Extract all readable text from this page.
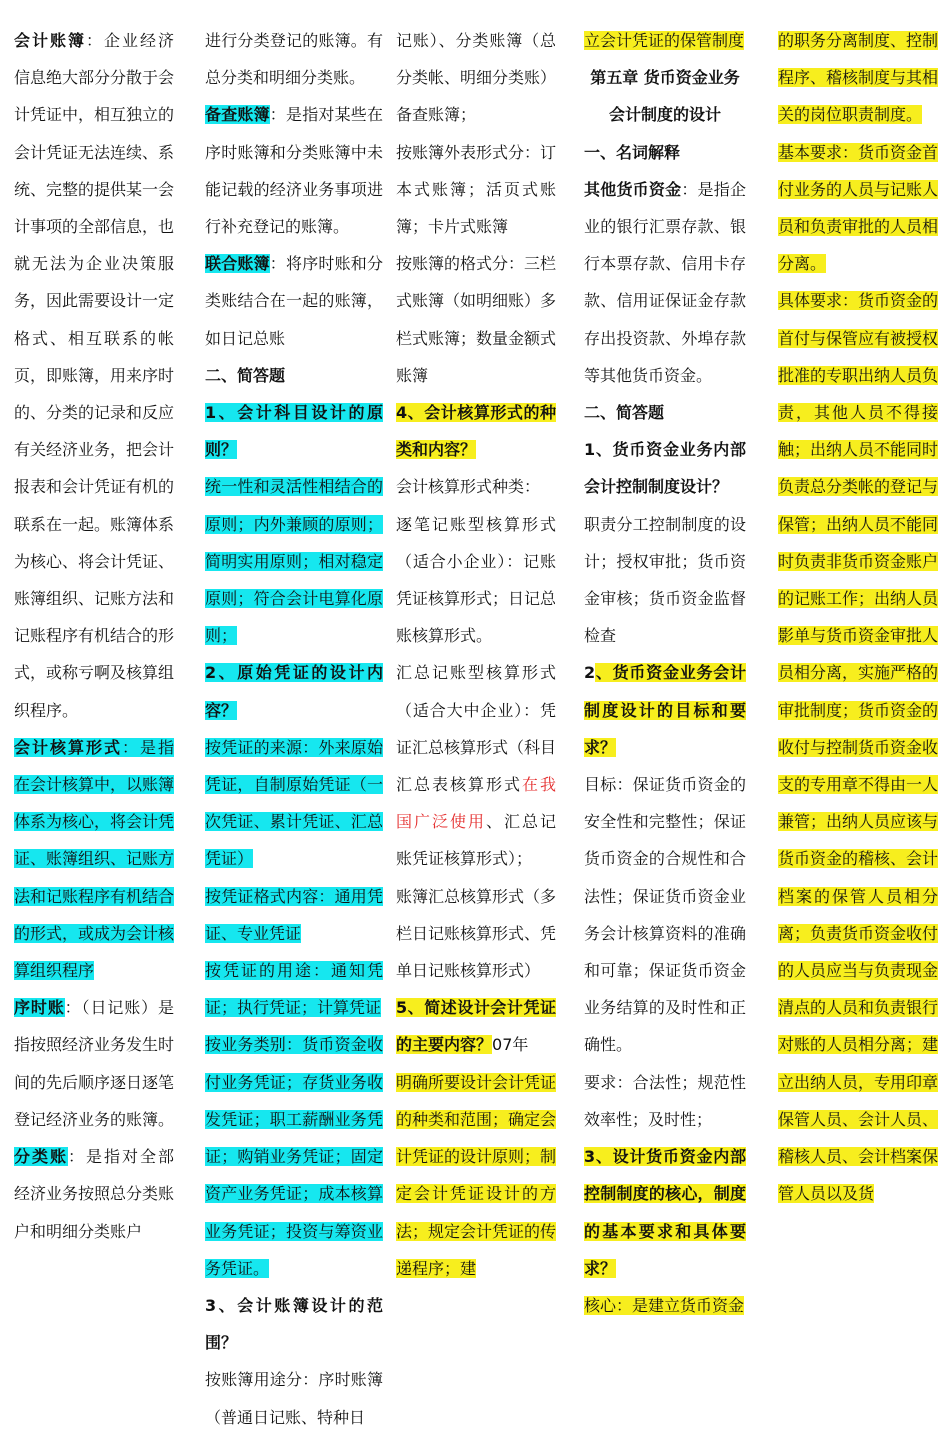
会计账簿：企业经济信息绝大部分分散于会计凭证中，相互独立的会计凭证无法连续、系统、完整的提供某一会计事项的全部信息，也就无法为企业决策服务，因此需要设计一定格式、相互联系的帐页，即账簿，用来序时的、分类的记录和反应有关经济业务，把会计报表和会计凭证有机的联系在一起。账簿体系为核心、将会计凭证、账簿组织、记账方法和记账程序有机结合的形式，或称亏啊及核算组织程序。

会计核算形式：是指在会计核算中，以账簿体系为核心，将会计凭证、账簿组织、记账方法和记账程序有机结合的形式，或成为会计核算组织程序

序时账：（日记账）是指按照经济业务发生时间的先后顺序逐日逐笔登记经济业务的账簿。

分类账：是指对全部经济业务按照总分类账户和明细分类账户

进行分类登记的账簿。有总分类和明细分类账。

备查账簿：是指对某些在序时账簿和分类账簿中未能记载的经济业务事项进行补充登记的账簿。

联合账簿：将序时账和分类账结合在一起的账簿，如日记总账

二、简答题

1、会计科目设计的原则？

统一性和灵活性相结合的原则；内外兼顾的原则；简明实用原则；相对稳定原则；符合会计电算化原则；

2、原始凭证的设计内容？

按凭证的来源：外来原始凭证，自制原始凭证（一次凭证、累计凭证、汇总凭证）

按凭证格式内容：通用凭证、专业凭证

按凭证的用途：通知凭证；执行凭证；计算凭证

按业务类别：货币资金收付业务凭证；存货业务收发凭证；职工薪酬业务凭证；购销业务凭证；固定资产业务凭证；成本核算业务凭证；投资与筹资业务凭证。

3、会计账簿设计的范围？

按账簿用途分：序时账簿（普通日记账、特种日

记账）、分类账簿（总分类帐、明细分类账）备查账簿；

按账簿外表形式分：订本式账簿；活页式账簿；卡片式账簿

按账簿的格式分：三栏式账簿（如明细账）多栏式账簿；数量金额式账簿

4、会计核算形式的种类和内容？

会计核算形式种类：

逐笔记账型核算形式（适合小企业）：记账凭证核算形式；日记总账核算形式。

汇总记账型核算形式（适合大中企业）：凭证汇总核算形式（科目汇总表核算形式在我国广泛使用、汇总记账凭证核算形式）；

账簿汇总核算形式（多栏日记账核算形式、凭单日记账核算形式）

5、简述设计会计凭证的主要内容？07年

明确所要设计会计凭证的种类和范围；确定会计凭证的设计原则；制定会计凭证设计的方法；规定会计凭证的传递程序；建

立会计凭证的保管制度

第五章 货币资金业务会计制度的设计

一、名词解释

其他货币资金：是指企业的银行汇票存款、银行本票存款、信用卡存款、信用证保证金存款存出投资款、外埠存款等其他货币资金。

二、简答题

1、货币资金业务内部会计控制制度设计？

职责分工控制制度的设计；授权审批；货币资金审核；货币资金监督检查

2、货币资金业务会计制度设计的目标和要求？

目标：保证货币资金的安全性和完整性；保证货币资金的合规性和合法性；保证货币资金业务会计核算资料的准确和可靠；保证货币资金业务结算的及时性和正确性。

要求：合法性；规范性效率性；及时性；

3、设计货币资金内部控制制度的核心，制度的基本要求和具体要求？

核心：是建立货币资金

的职务分离制度、控制程序、稽核制度与其相关的岗位职责制度。

基本要求：货币资金首付业务的人员与记账人员和负责审批的人员相分离。

具体要求：货币资金的首付与保管应有被授权批准的专职出纳人员负责，其他人员不得接触；出纳人员不能同时负责总分类帐的登记与保管；出纳人员不能同时负责非货币资金账户的记账工作；出纳人员影单与货币资金审批人员相分离，实施严格的审批制度；货币资金的收付与控制货币资金收支的专用章不得由一人兼管；出纳人员应该与货币资金的稽核、会计档案的保管人员相分离；负责货币资金收付的人员应当与负责现金清点的人员和负责银行对账的人员相分离；建立出纳人员，专用印章保管人员、会计人员、稽核人员、会计档案保管人员以及货
